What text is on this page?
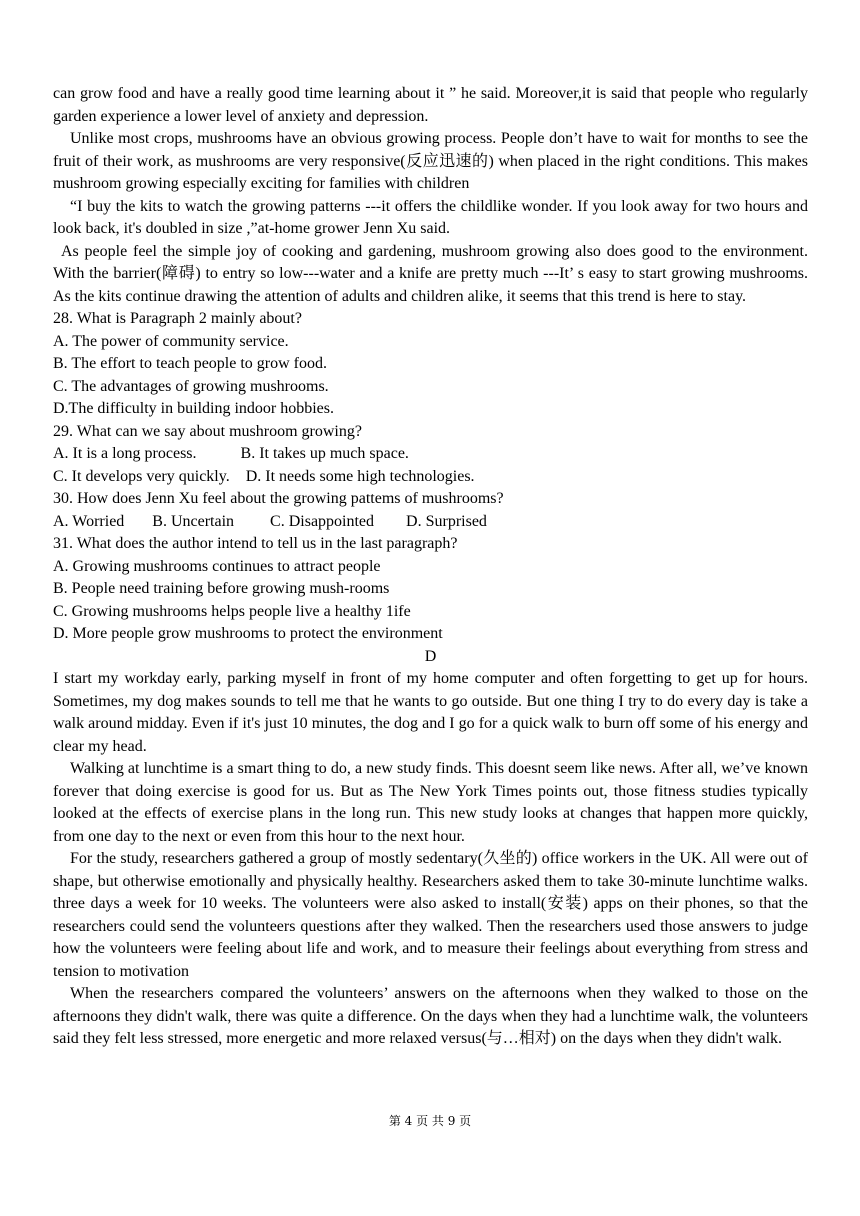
can grow food and have a really good time learning about it ” he said. Moreover,it is said that people who regularly garden experience a lower level of anxiety and depression.

Unlike most crops, mushrooms have an obvious growing process. People don’t have to wait for months to see the fruit of their work, as mushrooms are very responsive(反应迅速的) when placed in the right conditions. This makes mushroom growing especially exciting for families with children

“I buy the kits to watch the growing patterns ---it offers the childlike wonder. If you look away for two hours and look back, it's doubled in size ,”at-home grower Jenn Xu said.

As people feel the simple joy of cooking and gardening, mushroom growing also does good to the environment. With the barrier(障碍) to entry so low---water and a knife are pretty much ---It’ s easy to start growing mushrooms. As the kits continue drawing the attention of adults and children alike, it seems that this trend is here to stay.

28. What is Paragraph 2 mainly about?

A. The power of community service.

B. The effort to teach people to grow food.

C. The advantages of growing mushrooms.

D.The difficulty in building indoor hobbies.

29. What can we say about mushroom growing?

A. It is a long process.           B. It takes up much space.

C. It develops very quickly.    D. It needs some high technologies.

30. How does Jenn Xu feel about the growing pattems of mushrooms?

A. Worried       B. Uncertain         C. Disappointed        D. Surprised

31. What does the author intend to tell us in the last paragraph?

A. Growing mushrooms continues to attract people

B. People need training before growing mush-rooms

C. Growing mushrooms helps people live a healthy 1ife

D. More people grow mushrooms to protect the environment

D

I start my workday early, parking myself in front of my home computer and often forgetting to get up for hours. Sometimes, my dog makes sounds to tell me that he wants to go outside. But one thing I try to do every day is take a walk around midday. Even if it's just 10 minutes, the dog and I go for a quick walk to burn off some of his energy and clear my head.

Walking at lunchtime is a smart thing to do, a new study finds. This doesnt seem like news. After all, we’ve known forever that doing exercise is good for us. But as The New York Times points out, those fitness studies typically looked at the effects of exercise plans in the long run. This new study looks at changes that happen more quickly, from one day to the next or even from this hour to the next hour.

For the study, researchers gathered a group of mostly sedentary(久坐的) office workers in the UK. All were out of shape, but otherwise emotionally and physically healthy. Researchers asked them to take 30-minute lunchtime walks. three days a week for 10 weeks. The volunteers were also asked to install(安装) apps on their phones, so that the researchers could send the volunteers questions after they walked. Then the researchers used those answers to judge how the volunteers were feeling about life and work, and to measure their feelings about everything from stress and tension to motivation

When the researchers compared the volunteers’ answers on the afternoons when they walked to those on the afternoons they didn't walk, there was quite a difference. On the days when they had a lunchtime walk, the volunteers said they felt less stressed, more energetic and more relaxed versus(与…相对) on the days when they didn't walk.

第 4 页 共 9 页
